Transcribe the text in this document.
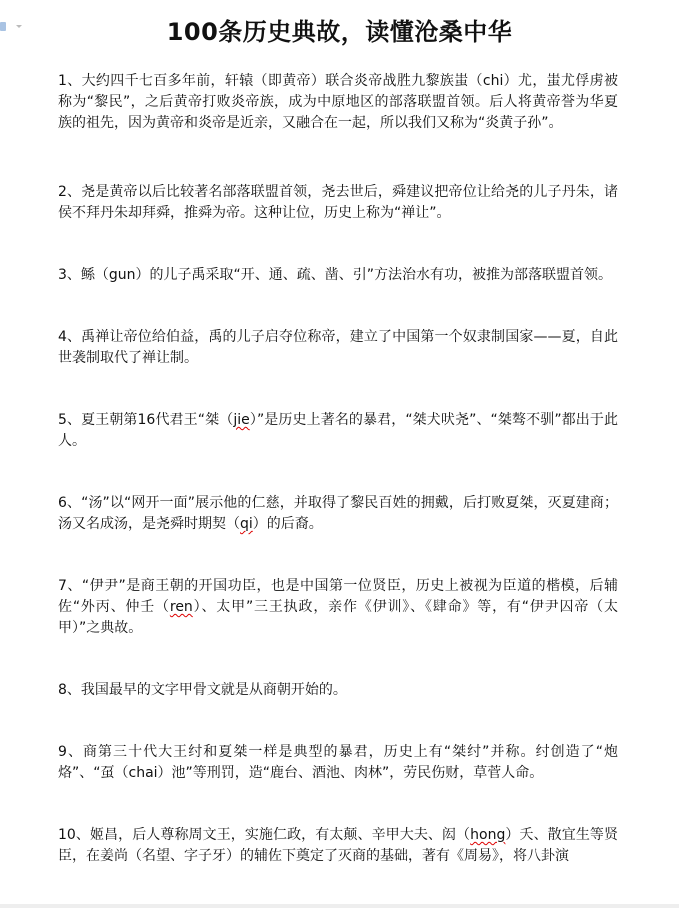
100条历史典故，读懂沧桑中华

1、大约四千七百多年前，轩辕（即黄帝）联合炎帝战胜九黎族蚩（chi）尤，蚩尤俘虏被称为“黎民”，之后黄帝打败炎帝族，成为中原地区的部落联盟首领。后人将黄帝誉为华夏族的祖先，因为黄帝和炎帝是近亲，又融合在一起，所以我们又称为“炎黄子孙”。

2、尧是黄帝以后比较著名部落联盟首领，尧去世后，舜建议把帝位让给尧的儿子丹朱，诸侯不拜丹朱却拜舜，推舜为帝。这种让位，历史上称为“禅让”。

3、鲧（gun）的儿子禹采取“开、通、疏、凿、引”方法治水有功，被推为部落联盟首领。

4、禹禅让帝位给伯益，禹的儿子启夺位称帝，建立了中国第一个奴隶制国家——夏，自此世袭制取代了禅让制。

5、夏王朝第16代君王“桀（jie）”是历史上著名的暴君，“桀犬吠尧”、“桀骜不驯”都出于此人。

6、“汤”以“网开一面”展示他的仁慈，并取得了黎民百姓的拥戴，后打败夏桀，灭夏建商；汤又名成汤，是尧舜时期契（qi）的后裔。

7、“伊尹”是商王朝的开国功臣，也是中国第一位贤臣，历史上被视为臣道的楷模，后辅佐“外丙、仲壬（ren）、太甲”三王执政，亲作《伊训》、《肆命》等，有“伊尹囚帝（太甲）”之典故。

8、我国最早的文字甲骨文就是从商朝开始的。

9、商第三十代大王纣和夏桀一样是典型的暴君，历史上有“桀纣”并称。纣创造了“炮烙”、“虿（chai）池”等刑罚，造“鹿台、酒池、肉林”，劳民伤财，草菅人命。

10、姬昌，后人尊称周文王，实施仁政，有太颠、辛甲大夫、闳（hong）夭、散宜生等贤臣，在姜尚（名望、字子牙）的辅佐下奠定了灭商的基础，著有《周易》，将八卦演
